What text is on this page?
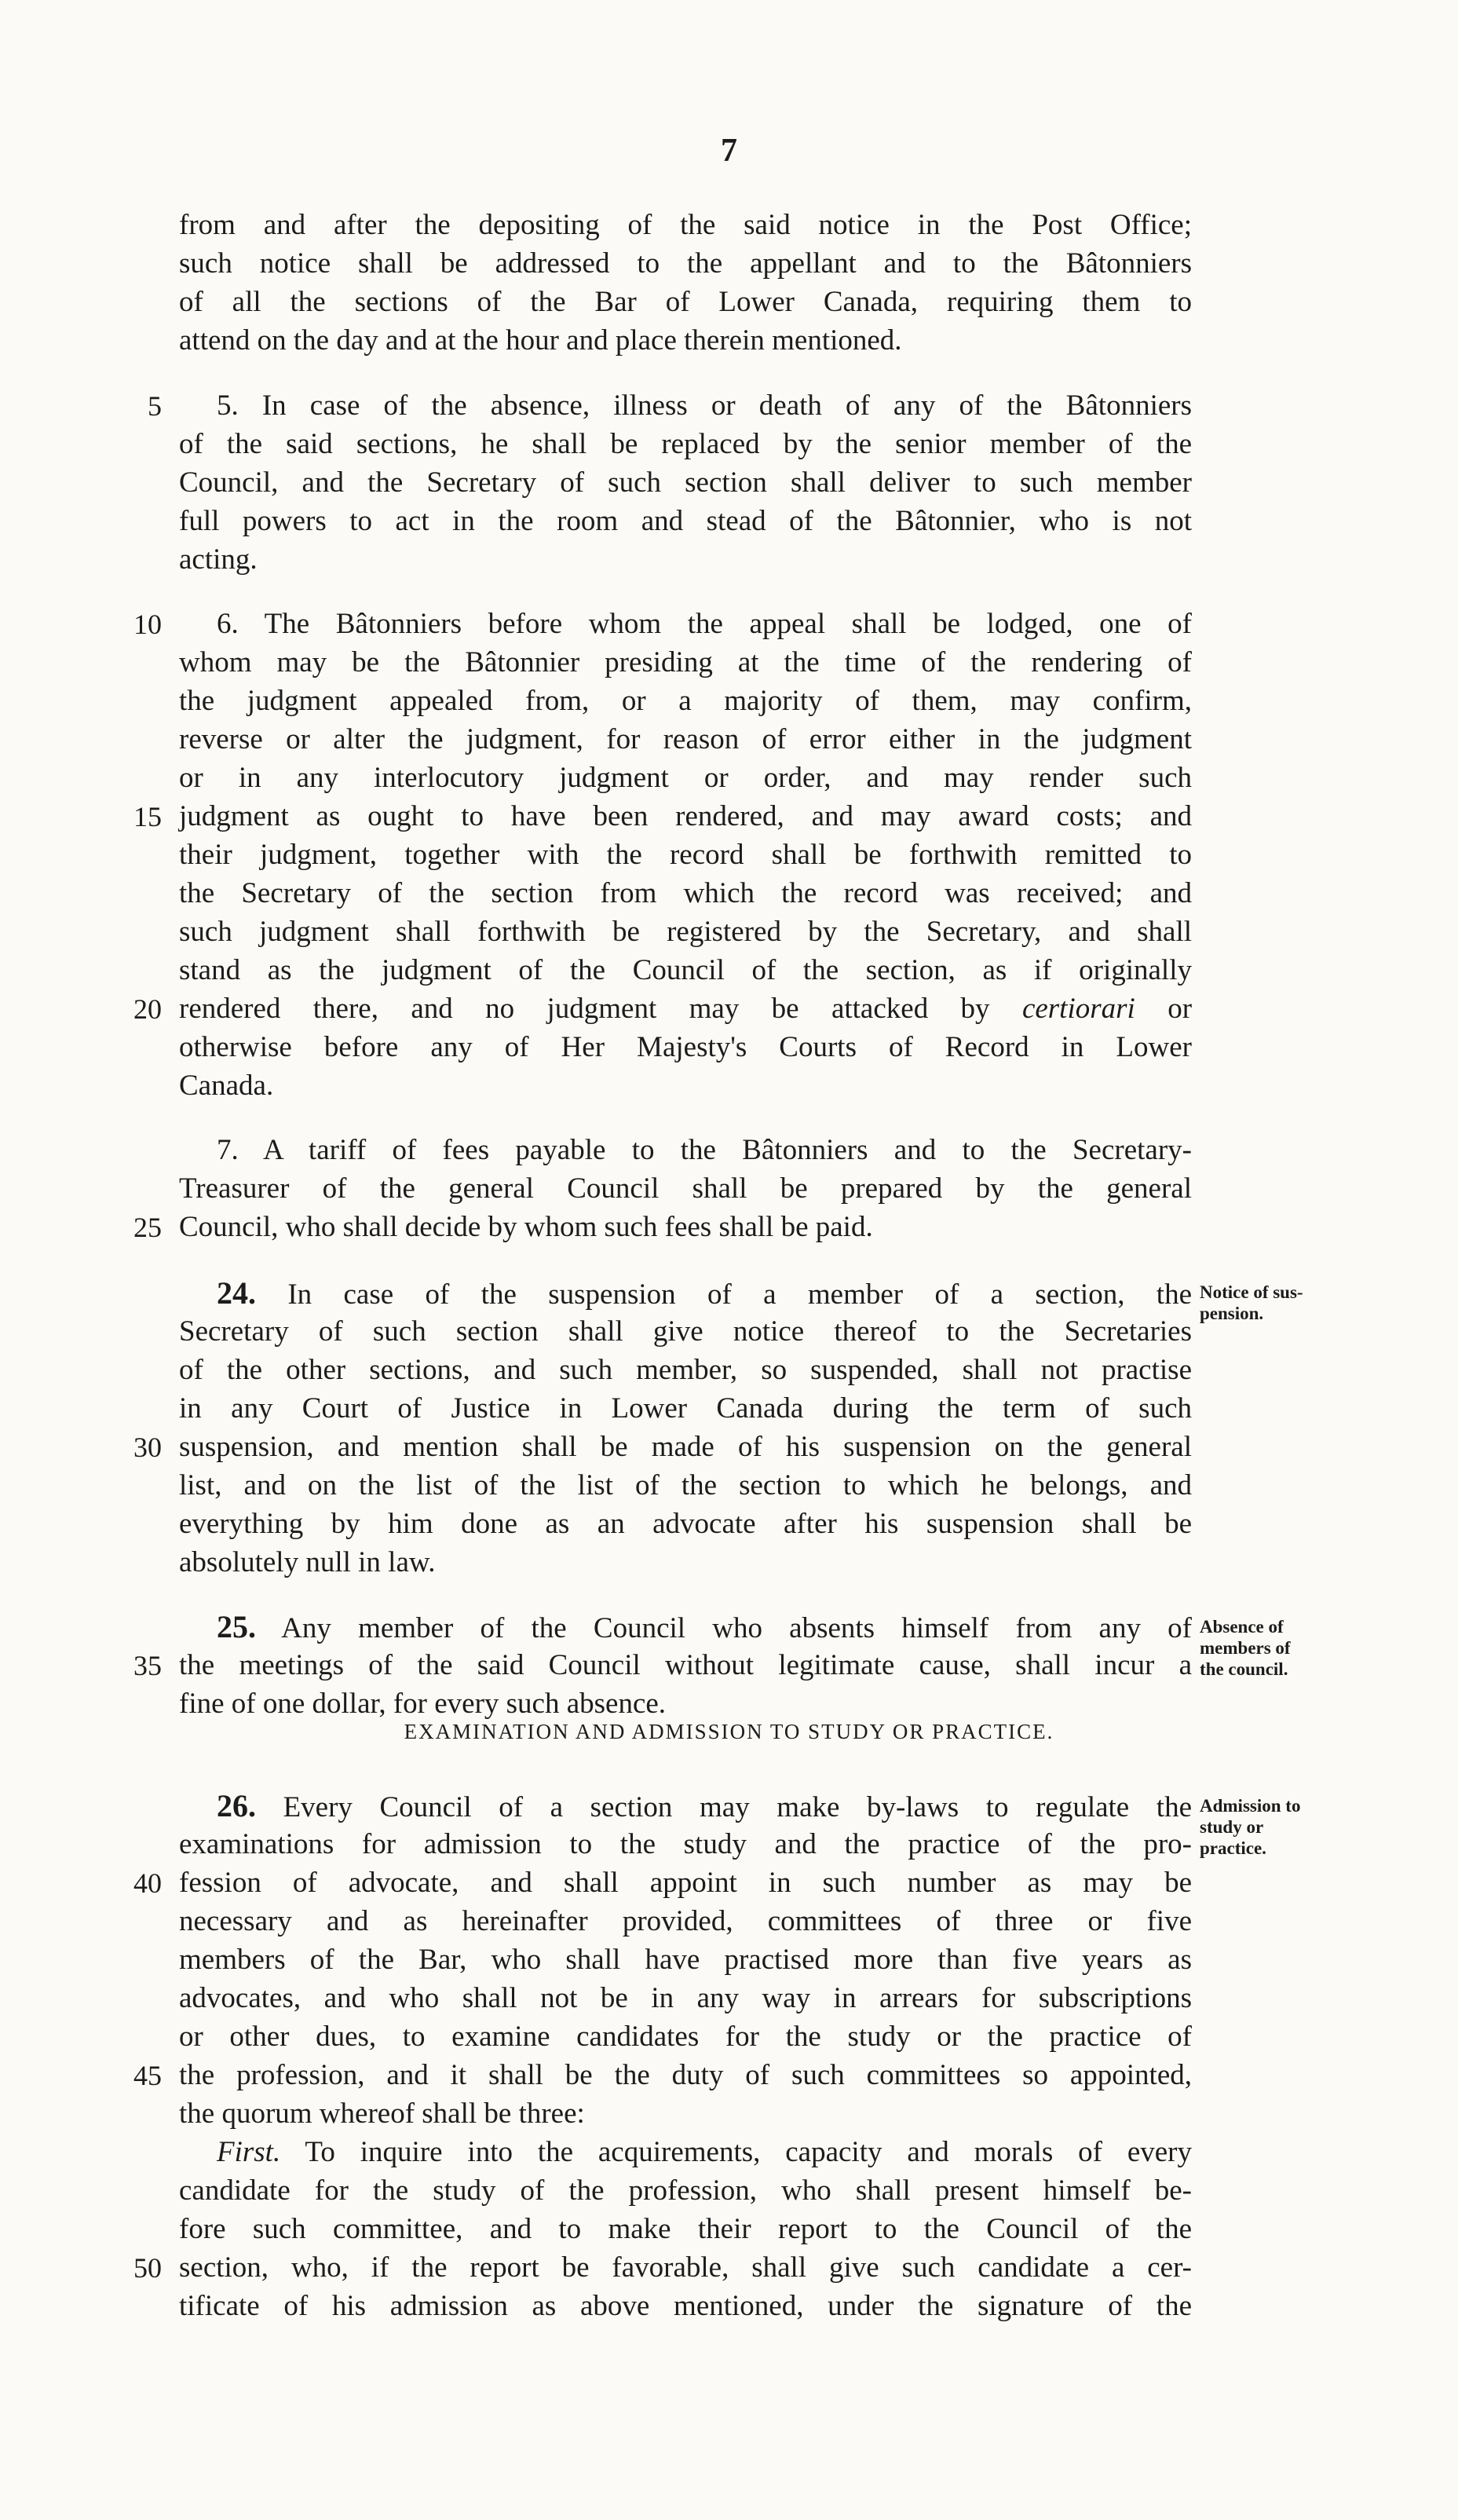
7
from and after the depositing of the said notice in the Post Office;
such notice shall be addressed to the appellant and to the Bâtonniers
of all the sections of the Bar of Lower Canada, requiring them to
attend on the day and at the hour and place therein mentioned.
5	5. In case of the absence, illness or death of any of the Bâtonniers
of the said sections, he shall be replaced by the senior member of the
Council, and the Secretary of such section shall deliver to such member
full powers to act in the room and stead of the Bâtonnier, who is not
acting.
10	6. The Bâtonniers before whom the appeal shall be lodged, one of
whom may be the Bâtonnier presiding at the time of the rendering of
the judgment appealed from, or a majority of them, may confirm,
reverse or alter the judgment, for reason of error either in the judgment
or in any interlocutory judgment or order, and may render such
15 judgment as ought to have been rendered, and may award costs; and
their judgment, together with the record shall be forthwith remitted to
the Secretary of the section from which the record was received; and
such judgment shall forthwith be registered by the Secretary, and shall
stand as the judgment of the Council of the section, as if originally
20 rendered there, and no judgment may be attacked by certiorari or
otherwise before any of Her Majesty's Courts of Record in Lower
Canada.
7. A tariff of fees payable to the Bâtonniers and to the Secretary-
Treasurer of the general Council shall be prepared by the general
25 Council, who shall decide by whom such fees shall be paid.
24. In case of the suspension of a member of a section, the
Secretary of such section shall give notice thereof to the Secretaries
of the other sections, and such member, so suspended, shall not practise
in any Court of Justice in Lower Canada during the term of such
30 suspension, and mention shall be made of his suspension on the general
list, and on the list of the list of the section to which he belongs, and
everything by him done as an advocate after his suspension shall be
absolutely null in law.
Notice of sus-
pension.
25. Any member of the Council who absents himself from any of
35 the meetings of the said Council without legitimate cause, shall incur a
fine of one dollar, for every such absence.
Absence of
members of
the council.
EXAMINATION AND ADMISSION TO STUDY OR PRACTICE.
26. Every Council of a section may make by-laws to regulate the
examinations for admission to the study and the practice of the pro-
40 fession of advocate, and shall appoint in such number as may be
necessary and as hereinafter provided, committees of three or five
members of the Bar, who shall have practised more than five years as
advocates, and who shall not be in any way in arrears for subscriptions
or other dues, to examine candidates for the study or the practice of
45 the profession, and it shall be the duty of such committees so appointed,
the quorum whereof shall be three:
Admission to
study or
practice.
First. To inquire into the acquirements, capacity and morals of every
candidate for the study of the profession, who shall present himself be-
fore such committee, and to make their report to the Council of the
50 section, who, if the report be favorable, shall give such candidate a cer-
tificate of his admission as above mentioned, under the signature of the
